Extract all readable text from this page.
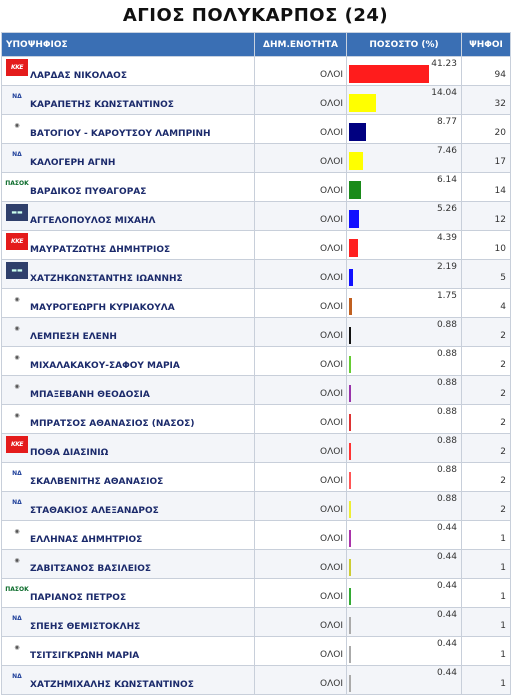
ΑΓΙΟΣ ΠΟΛΥΚΑΡΠΟΣ (24)
ΥΠΟΨΗΦΙΟΣ	ΔΗΜ.ΕΝΟΤΗΤΑ	ΠΟΣΟΣΤΟ (%)	ΨΗΦΟΙ

KKE
ΛΑΡΔΑΣ ΝΙΚΟΛΑΟΣ	ΟΛΟΙ	41.23	94

ΝΔ
ΚΑΡΑΠΕΤΗΣ ΚΩΝΣΤΑΝΤΙΝΟΣ	ΟΛΟΙ	14.04	32

◉
ΒΑΤΟΓΙΟΥ - ΚΑΡΟΥΤΣΟΥ ΛΑΜΠΡΙΝΗ	ΟΛΟΙ	8.77	20

ΝΔ
ΚΑΛΟΓΕΡΗ ΑΓΝΗ	ΟΛΟΙ	7.46	17

ΠΑΣΟΚ
ΒΑΡΔΙΚΟΣ ΠΥΘΑΓΟΡΑΣ	ΟΛΟΙ	6.14	14

▬▬
ΑΓΓΕΛΟΠΟΥΛΟΣ ΜΙΧΑΗΛ	ΟΛΟΙ	5.26	12

KKE
ΜΑΥΡΑΤΖΩΤΗΣ ΔΗΜΗΤΡΙΟΣ	ΟΛΟΙ	4.39	10

▬▬
ΧΑΤΖΗΚΩΝΣΤΑΝΤΗΣ ΙΩΑΝΝΗΣ	ΟΛΟΙ	2.19	5

◉
ΜΑΥΡΟΓΕΩΡΓΗ ΚΥΡΙΑΚΟΥΛΑ	ΟΛΟΙ	1.75	4

◉
ΛΕΜΠΕΣΗ ΕΛΕΝΗ	ΟΛΟΙ	0.88	2

◉
ΜΙΧΑΛΑΚΑΚΟΥ-ΣΑΦΟΥ ΜΑΡΙΑ	ΟΛΟΙ	0.88	2

◉
ΜΠΑΞΕΒΑΝΗ ΘΕΟΔΟΣΙΑ	ΟΛΟΙ	0.88	2

◉
ΜΠΡΑΤΣΟΣ ΑΘΑΝΑΣΙΟΣ (ΝΑΣΟΣ)	ΟΛΟΙ	0.88	2

KKE
ΠΟΘΑ ΔΙΑΣΙΝΙΩ	ΟΛΟΙ	0.88	2

ΝΔ
ΣΚΑΛΒΕΝΙΤΗΣ ΑΘΑΝΑΣΙΟΣ	ΟΛΟΙ	0.88	2

ΝΔ
ΣΤΑΘΑΚΙΟΣ ΑΛΕΞΑΝΔΡΟΣ	ΟΛΟΙ	0.88	2

◉
ΕΛΛΗΝΑΣ ΔΗΜΗΤΡΙΟΣ	ΟΛΟΙ	0.44	1

◉
ΖΑΒΙΤΣΑΝΟΣ ΒΑΣΙΛΕΙΟΣ	ΟΛΟΙ	0.44	1

ΠΑΣΟΚ
ΠΑΡΙΑΝΟΣ ΠΕΤΡΟΣ	ΟΛΟΙ	0.44	1

ΝΔ
ΣΠΕΗΣ ΘΕΜΙΣΤΟΚΛΗΣ	ΟΛΟΙ	0.44	1

◉
ΤΣΙΤΣΙΓΚΡΩΝΗ ΜΑΡΙΑ	ΟΛΟΙ	0.44	1

ΝΔ
ΧΑΤΖΗΜΙΧΑΛΗΣ ΚΩΝΣΤΑΝΤΙΝΟΣ	ΟΛΟΙ	0.44	1
